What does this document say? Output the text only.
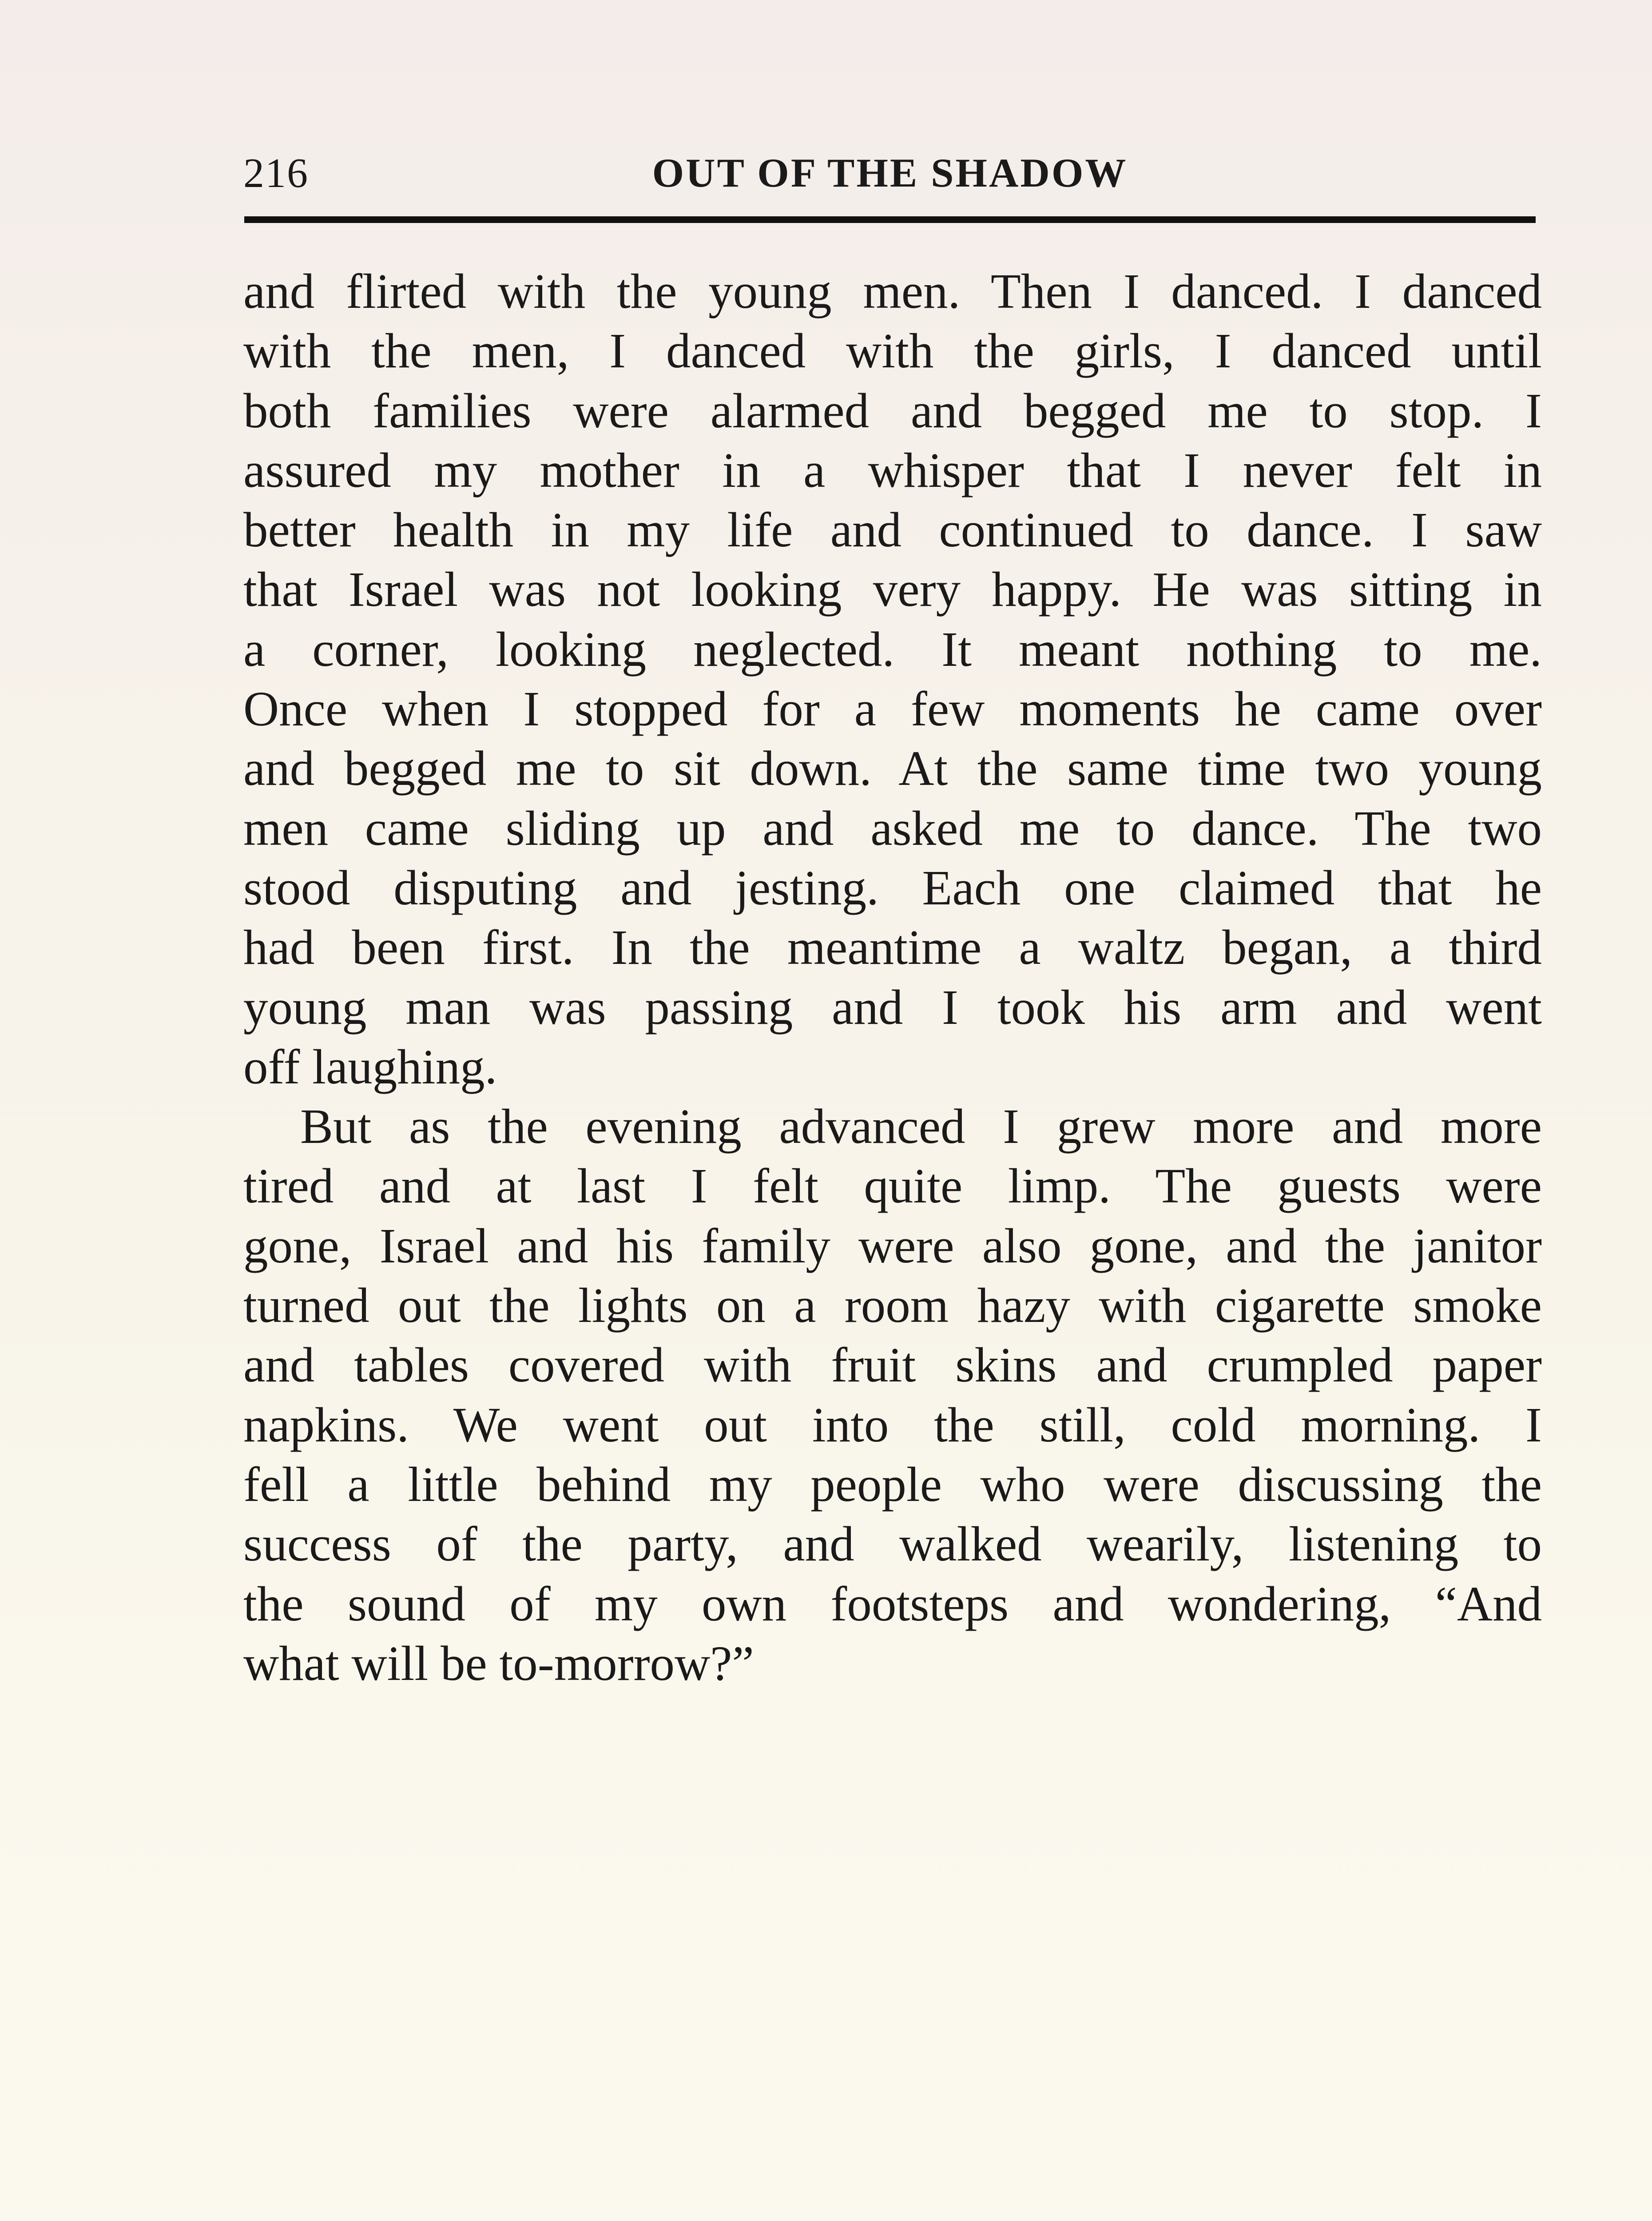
216	OUT OF THE SHADOW
and flirted with the young men. Then I danced. I danced
with the men, I danced with the girls, I danced until
both families were alarmed and begged me to stop. I
assured my mother in a whisper that I never felt in
better health in my life and continued to dance. I saw
that Israel was not looking very happy. He was sitting in
a corner, looking neglected. It meant nothing to me.
Once when I stopped for a few moments he came over
and begged me to sit down. At the same time two young
men came sliding up and asked me to dance. The two
stood disputing and jesting. Each one claimed that he
had been first. In the meantime a waltz began, a third
young man was passing and I took his arm and went
off laughing.
But as the evening advanced I grew more and more
tired and at last I felt quite limp. The guests were
gone, Israel and his family were also gone, and the janitor
turned out the lights on a room hazy with cigarette smoke
and tables covered with fruit skins and crumpled paper
napkins. We went out into the still, cold morning. I
fell a little behind my people who were discussing the
success of the party, and walked wearily, listening to
the sound of my own footsteps and wondering, “And
what will be to-morrow?”
